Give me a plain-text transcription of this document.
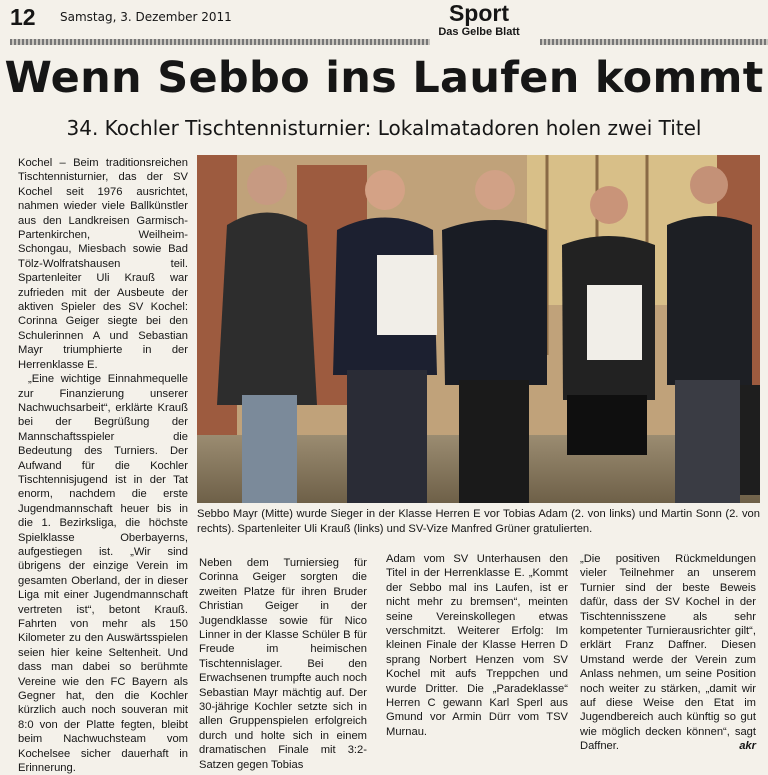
12 Samstag, 3. Dezember 2011	Sport
Das Gelbe Blatt
Wenn Sebbo ins Laufen kommt
34. Kochler Tischtennisturnier: Lokalmatadoren holen zwei Titel

Kochel – Beim traditionsreichen Tischtennisturnier, das der SV Kochel seit 1976 ausrichtet, nahmen wieder viele Ballkünstler aus den Landkreisen Garmisch-Partenkirchen, Weilheim-Schongau, Miesbach sowie Bad Tölz-Wolfratshausen teil. Spartenleiter Uli Krauß war zufrieden mit der Ausbeute der aktiven Spieler des SV Kochel: Corinna Geiger siegte bei den Schulerinnen A und Sebastian Mayr triumphierte in der Herrenklasse E.

„Eine wichtige Einnahmequelle zur Finanzierung unserer Nachwuchsarbeit“, erklärte Krauß bei der Begrüßung der Mannschaftsspieler die Bedeutung des Turniers. Der Aufwand für die Kochler Tischtennisjugend ist in der Tat enorm, nachdem die erste Jugendmannschaft heuer bis in die 1. Bezirksliga, die höchste Spielklasse Oberbayerns, aufgestiegen ist. „Wir sind übrigens der einzige Verein im gesamten Oberland, der in dieser Liga mit einer Jugendmannschaft vertreten ist“, betont Krauß. Fahrten von mehr als 150 Kilometer zu den Auswärtsspielen seien hier keine Seltenheit. Und dass man dabei so berühmte Vereine wie den FC Bayern als Gegner hat, den die Kochler kürzlich auch noch souveran mit 8:0 von der Platte fegten, bleibt beim Nachwuchsteam vom Kochelsee sicher dauerhaft in Erinnerung.

Sebbo Mayr (Mitte) wurde Sieger in der Klasse Herren E vor Tobias Adam (2. von links) und Martin Sonn (2. von rechts). Spartenleiter Uli Krauß (links) und SV-Vize Manfred Grüner gratulierten.

Neben dem Turniersieg für Corinna Geiger sorgten die zweiten Platze für ihren Bruder Christian Geiger in der Jugendklasse sowie für Nico Linner in der Klasse Schüler B für Freude im heimischen Tischtennislager. Bei den Erwachsenen trumpfte auch noch Sebastian Mayr mächtig auf. Der 30-jährige Kochler setzte sich in allen Gruppenspielen erfolgreich durch und holte sich in einem dramatischen Finale mit 3:2-Satzen gegen Tobias

Adam vom SV Unterhausen den Titel in der Herrenklasse E. „Kommt der Sebbo mal ins Laufen, ist er nicht mehr zu bremsen“, meinten seine Vereinskollegen etwas verschmitzt. Weiterer Erfolg: Im kleinen Finale der Klasse Herren D sprang Norbert Henzen vom SV Kochel mit aufs Treppchen und wurde Dritter. Die „Paradeklasse“ Herren C gewann Karl Sperl aus Gmund vor Armin Dürr vom TSV Murnau.

„Die positiven Rückmeldungen vieler Teilnehmer an unserem Turnier sind der beste Beweis dafür, dass der SV Kochel in der Tischtennisszene als sehr kompetenter Turnierausrichter gilt“, erklärt Franz Daffner. Diesen Umstand werde der Verein zum Anlass nehmen, um seine Position noch weiter zu stärken, „damit wir auf diese Weise den Etat im Jugendbereich auch künftig so gut wie möglich decken können“, sagt Daffner.	akr
